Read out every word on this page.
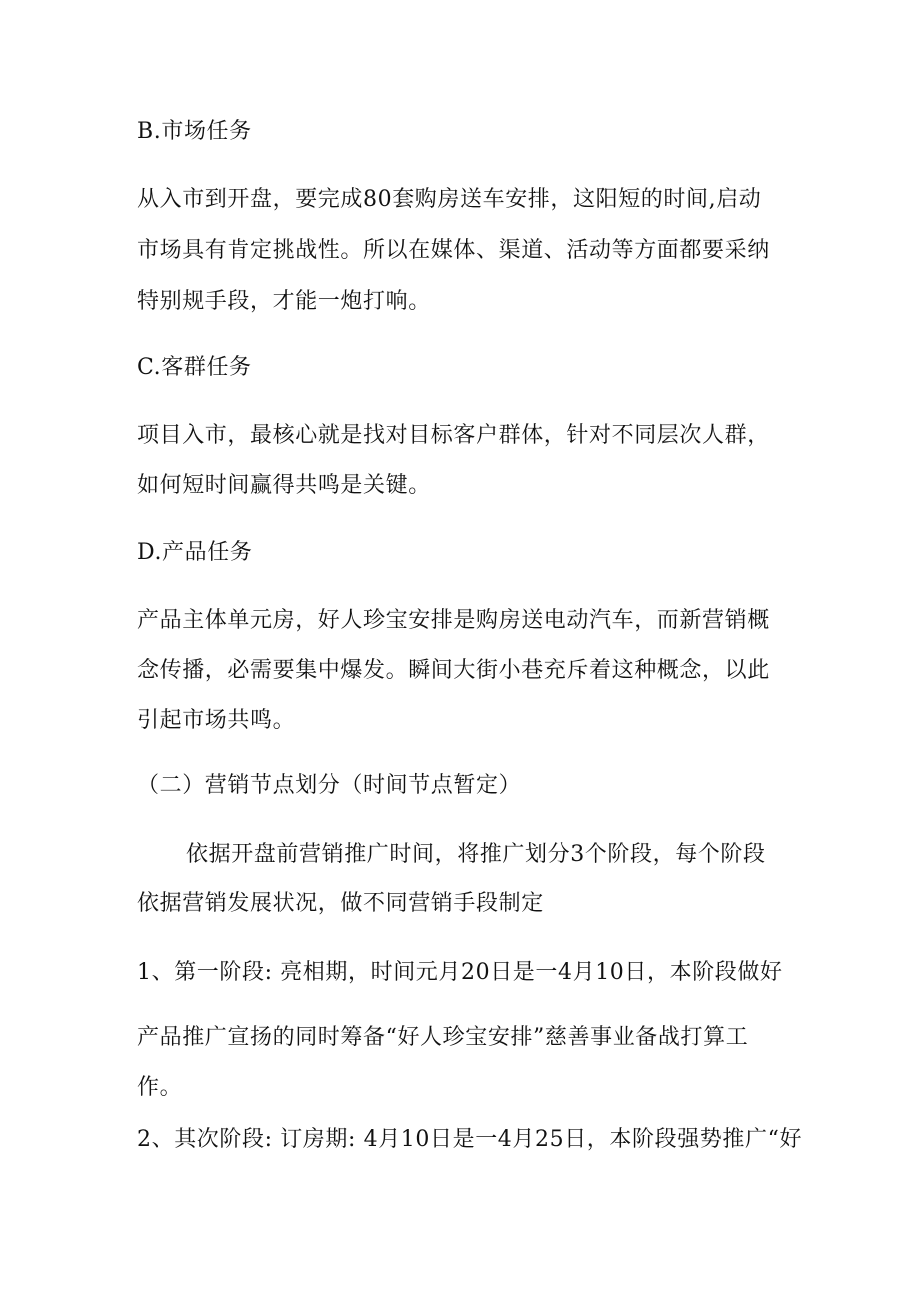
B.市场任务
从入市到开盘，要完成80套购房送车安排，这阳短的时间,启动
市场具有肯定挑战性。所以在媒体、渠道、活动等方面都要采纳
特别规手段，才能一炮打响。
C.客群任务
项目入市，最核心就是找对目标客户群体，针对不同层次人群，
如何短时间赢得共鸣是关键。
D.产品任务
产品主体单元房，好人珍宝安排是购房送电动汽车，而新营销概
念传播，必需要集中爆发。瞬间大街小巷充斥着这种概念，以此
引起市场共鸣。
（二）营销节点划分（时间节点暂定）
依据开盘前营销推广时间，将推广划分3个阶段，每个阶段
依据营销发展状况，做不同营销手段制定
1、第一阶段: 亮相期，时间元月20日是一4月10日，本阶段做好
产品推广宣扬的同时筹备“好人珍宝安排”慈善事业备战打算工
作。
2、其次阶段: 订房期: 4月10日是一4月25日，本阶段强势推广“好
